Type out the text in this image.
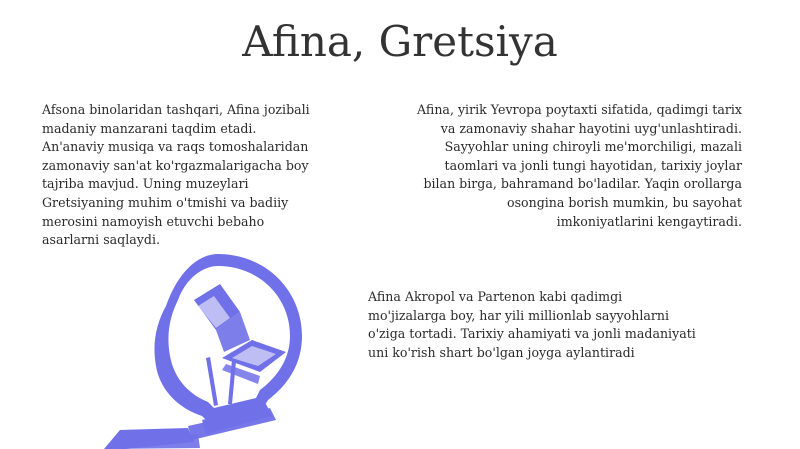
Afina, Gretsiya
Afsona binolaridan tashqari, Afina jozibali
madaniy manzarani taqdim etadi.
An'anaviy musiqa va raqs tomoshalaridan
zamonaviy san'at ko'rgazmalarigacha boy
tajriba mavjud. Uning muzeylari
Gretsiyaning muhim o'tmishi va badiiy
merosini namoyish etuvchi bebaho
asarlarni saqlaydi.
Afina, yirik Yevropa poytaxti sifatida, qadimgi tarix
va zamonaviy shahar hayotini uyg'unlashtiradi.
Sayyohlar uning chiroyli me'morchiligi, mazali
taomlari va jonli tungi hayotidan, tarixiy joylar
bilan birga, bahramand bo'ladilar. Yaqin orollarga
osongina borish mumkin, bu sayohat
imkoniyatlarini kengaytiradi.
Afina Akropol va Partenon kabi qadimgi
mo'jizalarga boy, har yili millionlab sayyohlarni
o'ziga tortadi. Tarixiy ahamiyati va jonli madaniyati
uni ko'rish shart bo'lgan joyga aylantiradi
